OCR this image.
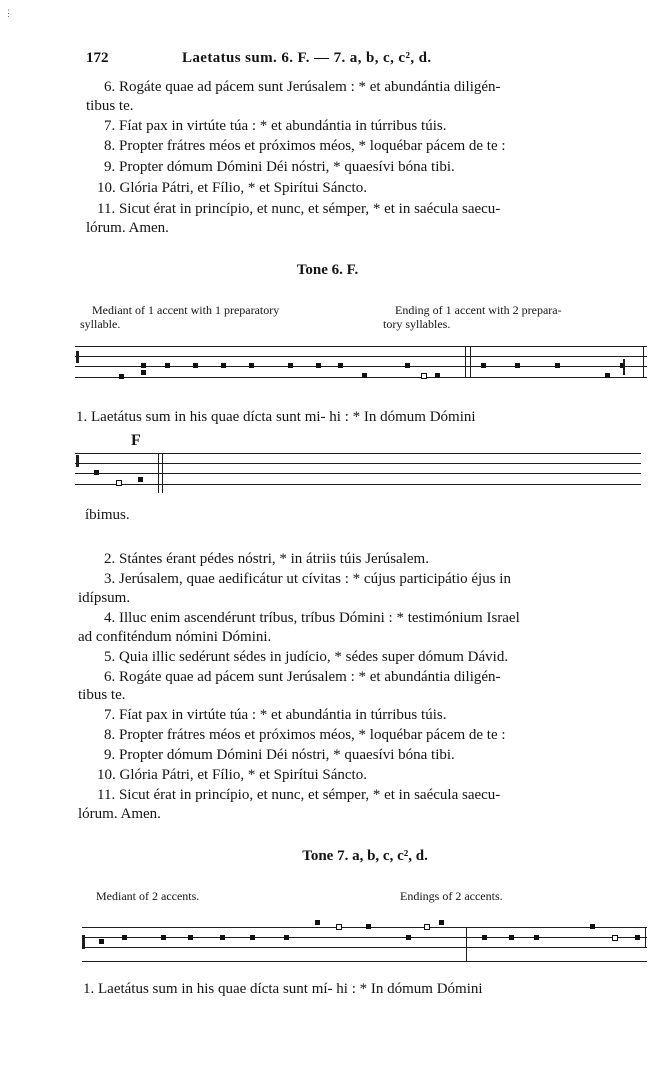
⋮
172	Laetatus sum. 6. F. — 7. a, b, c, c², d.
6. Rogáte quae ad pácem sunt Jerúsalem : * et abundántia diligén-
tibus te.
7. Fíat pax in virtúte túa : * et abundántia in túrribus túis.
8. Propter frátres méos et próximos méos, * loquébar pácem de te :
9. Propter dómum Dómini Déi nóstri, * quaesívi bóna tibi.
10. Glória Pátri, et Fílio, * et Spirítui Sáncto.
11. Sicut érat in princípio, et nunc, et sémper, * et in saécula saecu-
lórum. Amen.
Tone 6. F.
Mediant of 1 accent with 1 preparatory
syllable.
Ending of 1 accent with 2 prepara-
tory syllables.
1. Laetátus sum in his quae dícta sunt mi- hi : * In dómum Dómini
F
íbimus.
2. Stántes érant pédes nóstri, * in átriis túis Jerúsalem.
3. Jerúsalem, quae aedificátur ut cívitas : * cújus participátio éjus in
idípsum.
4. Illuc enim ascendérunt tríbus, tríbus Dómini : * testimónium Israel
ad confiténdum nómini Dómini.
5. Quia illic sedérunt sédes in judício, * sédes super dómum Dávid.
6. Rogáte quae ad pácem sunt Jerúsalem : * et abundántia diligén-
tibus te.
7. Fíat pax in virtúte túa : * et abundántia in túrribus túis.
8. Propter frátres méos et próximos méos, * loquébar pácem de te :
9. Propter dómum Dómini Déi nóstri, * quaesívi bóna tibi.
10. Glória Pátri, et Fílio, * et Spirítui Sáncto.
11. Sicut érat in princípio, et nunc, et sémper, * et in saécula saecu-
lórum. Amen.
Tone 7. a, b, c, c², d.
Mediant of 2 accents.	Endings of 2 accents.
1. Laetátus sum in his quae dícta sunt mí- hi : * In dómum Dómini
